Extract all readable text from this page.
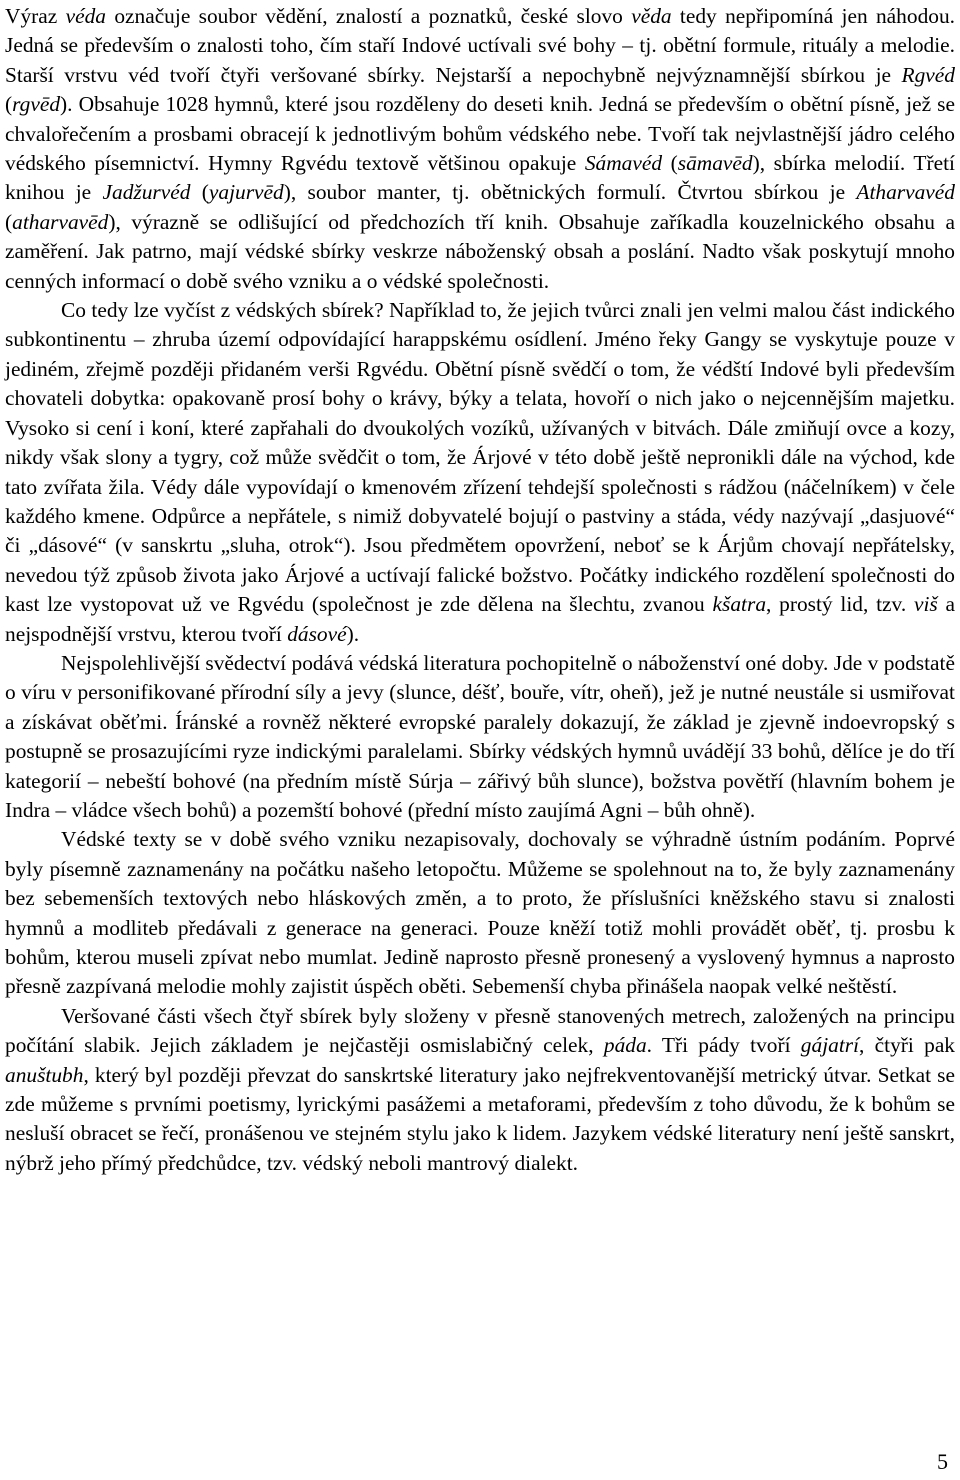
Výraz véda označuje soubor vědění, znalostí a poznatků, české slovo věda tedy nepřipomíná jen náhodou. Jedná se především o znalosti toho, čím staří Indové uctívali své bohy – tj. obětní formule, rituály a melodie. Starší vrstvu véd tvoří čtyři veršované sbírky. Nejstarší a nepochybně nejvýznamnější sbírkou je Rgvéd (rgvēd). Obsahuje 1028 hymnů, které jsou rozděleny do deseti knih. Jedná se především o obětní písně, jež se chvalořečením a prosbami obracejí k jednotlivým bohům védského nebe. Tvoří tak nejvlastnější jádro celého védského písemnictví. Hymny Rgvédu textově většinou opakuje Sámavéd (sāmavēd), sbírka melodií. Třetí knihou je Jadžurvéd (yajurvēd), soubor manter, tj. obětnických formulí. Čtvrtou sbírkou je Atharvavéd (atharvavēd), výrazně se odlišující od předchozích tří knih. Obsahuje zaříkadla kouzelnického obsahu a zaměření. Jak patrno, mají védské sbírky veskrze náboženský obsah a poslání. Nadto však poskytují mnoho cenných informací o době svého vzniku a o védské společnosti.

Co tedy lze vyčíst z védských sbírek? Například to, že jejich tvůrci znali jen velmi malou část indického subkontinentu – zhruba území odpovídající harappskému osídlení. Jméno řeky Gangy se vyskytuje pouze v jediném, zřejmě později přidaném verši Rgvédu. Obětní písně svědčí o tom, že védští Indové byli především chovateli dobytka: opakovaně prosí bohy o krávy, býky a telata, hovoří o nich jako o nejcennějším majetku. Vysoko si cení i koní, které zapřahali do dvoukolých vozíků, užívaných v bitvách. Dále zmiňují ovce a kozy, nikdy však slony a tygry, což může svědčit o tom, že Árjové v této době ještě nepronikli dále na východ, kde tato zvířata žila. Védy dále vypovídají o kmenovém zřízení tehdejší společnosti s rádžou (náčelníkem) v čele každého kmene. Odpůrce a nepřátele, s nimiž dobyvatelé bojují o pastviny a stáda, védy nazývají „dasjuové“ či „dásové“ (v sanskrtu „sluha, otrok“). Jsou předmětem opovržení, neboť se k Árjům chovají nepřátelsky, nevedou týž způsob života jako Árjové a uctívají falické božstvo. Počátky indického rozdělení společnosti do kast lze vystopovat už ve Rgvédu (společnost je zde dělena na šlechtu, zvanou kšatra, prostý lid, tzv. viš a nejspodnější vrstvu, kterou tvoří dásové).

Nejspolehlivější svědectví podává védská literatura pochopitelně o náboženství oné doby. Jde v podstatě o víru v personifikované přírodní síly a jevy (slunce, déšť, bouře, vítr, oheň), jež je nutné neustále si usmiřovat a získávat oběťmi. Íránské a rovněž některé evropské paralely dokazují, že základ je zjevně indoevropský s postupně se prosazujícími ryze indickými paralelami. Sbírky védských hymnů uvádějí 33 bohů, dělíce je do tří kategorií – nebeští bohové (na předním místě Súrja – zářivý bůh slunce), božstva povětří (hlavním bohem je Indra – vládce všech bohů) a pozemští bohové (přední místo zaujímá Agni – bůh ohně).

Védské texty se v době svého vzniku nezapisovaly, dochovaly se výhradně ústním podáním. Poprvé byly písemně zaznamenány na počátku našeho letopočtu. Můžeme se spolehnout na to, že byly zaznamenány bez sebemenších textových nebo hláskových změn, a to proto, že příslušníci kněžského stavu si znalosti hymnů a modliteb předávali z generace na generaci. Pouze kněží totiž mohli provádět oběť, tj. prosbu k bohům, kterou museli zpívat nebo mumlat. Jedině naprosto přesně pronesený a vyslovený hymnus a naprosto přesně zazpívaná melodie mohly zajistit úspěch oběti. Sebemenší chyba přinášela naopak velké neštěstí.

Veršované části všech čtyř sbírek byly složeny v přesně stanovených metrech, založených na principu počítání slabik. Jejich základem je nejčastěji osmislabičný celek, páda. Tři pády tvoří gájatrí, čtyři pak anuštubh, který byl později převzat do sanskrtské literatury jako nejfrekventovanější metrický útvar. Setkat se zde můžeme s prvními poetismy, lyrickými pasážemi a metaforami, především z toho důvodu, že k bohům se nesluší obracet se řečí, pronášenou ve stejném stylu jako k lidem. Jazykem védské literatury není ještě sanskrt, nýbrž jeho přímý předchůdce, tzv. védský neboli mantrový dialekt.

5
